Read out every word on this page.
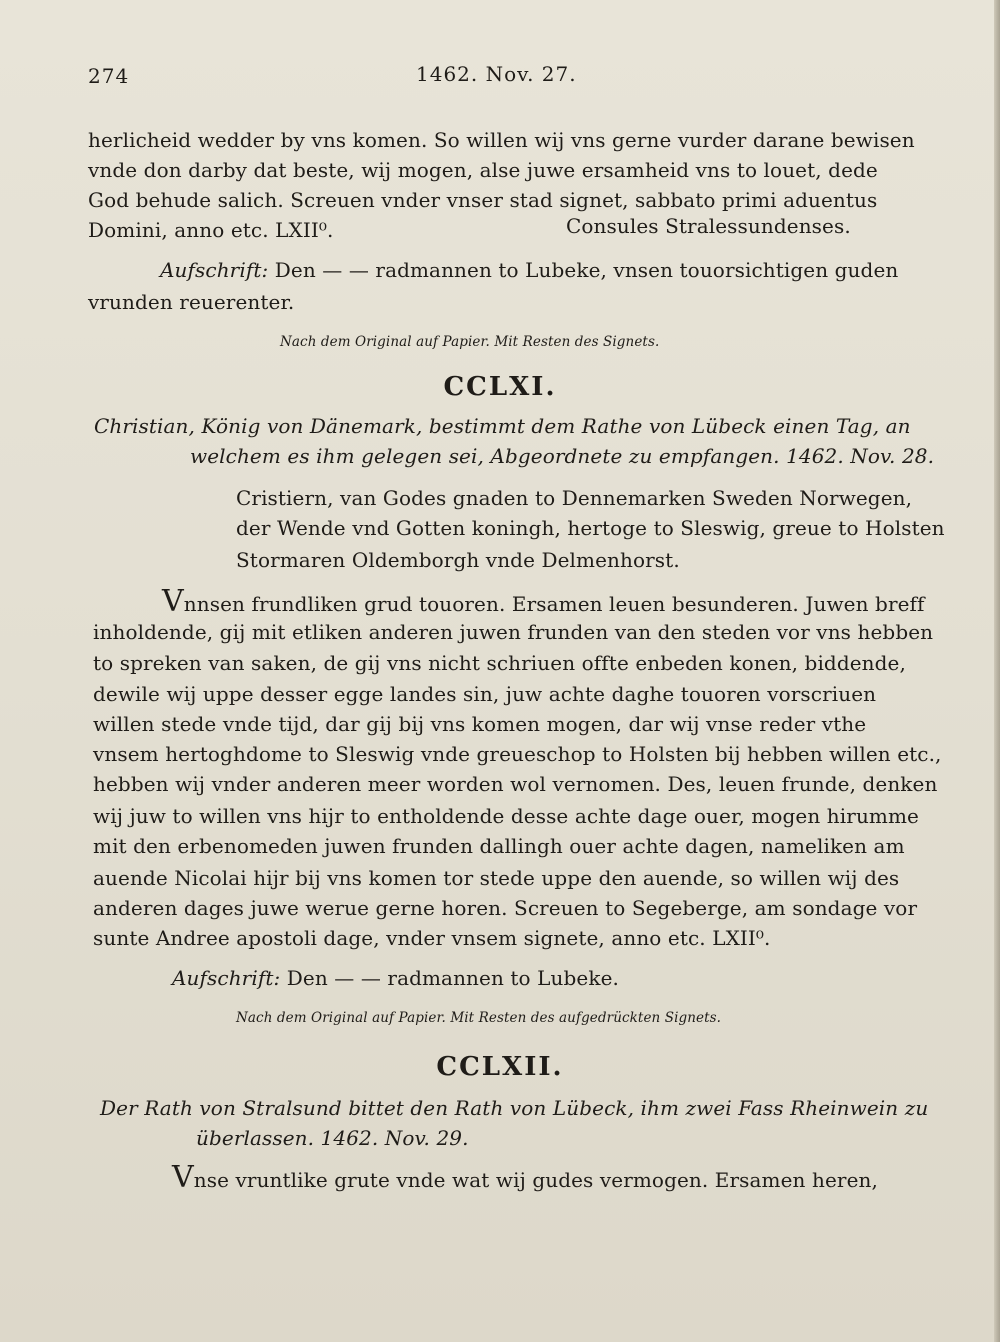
274	1462. Nov. 27.
herlicheid wedder by vns komen. So willen wij vns gerne vurder darane bewisen
vnde don darby dat beste, wij mogen, alse juwe ersamheid vns to louet, dede
God behude salich. Screuen vnder vnser stad signet, sabbato primi aduentus
Domini, anno etc. LXII⁰.	Consules Stralessundenses.
Aufschrift: Den — — radmannen to Lubeke, vnsen touorsichtigen guden
vrunden reuerenter.
Nach dem Original auf Papier. Mit Resten des Signets.
CCLXI.
Christian, König von Dänemark, bestimmt dem Rathe von Lübeck einen Tag, an
welchem es ihm gelegen sei, Abgeordnete zu empfangen. 1462. Nov. 28.
Cristiern, van Godes gnaden to Dennemarken Sweden Norwegen,
der Wende vnd Gotten koningh, hertoge to Sleswig, greue to Holsten
Stormaren Oldemborgh vnde Delmenhorst.
Vnnsen frundliken grud touoren. Ersamen leuen besunderen. Juwen breff
inholdende, gij mit etliken anderen juwen frunden van den steden vor vns hebben
to spreken van saken, de gij vns nicht schriuen offte enbeden konen, biddende,
dewile wij uppe desser egge landes sin, juw achte daghe touoren vorscriuen
willen stede vnde tijd, dar gij bij vns komen mogen, dar wij vnse reder vthe
vnsem hertoghdome to Sleswig vnde greueschop to Holsten bij hebben willen etc.,
hebben wij vnder anderen meer worden wol vernomen. Des, leuen frunde, denken
wij juw to willen vns hijr to entholdende desse achte dage ouer, mogen hirumme
mit den erbenomeden juwen frunden dallingh ouer achte dagen, nameliken am
auende Nicolai hijr bij vns komen tor stede uppe den auende, so willen wij des
anderen dages juwe werue gerne horen. Screuen to Segeberge, am sondage vor
sunte Andree apostoli dage, vnder vnsem signete, anno etc. LXII⁰.
Aufschrift: Den — — radmannen to Lubeke.
Nach dem Original auf Papier. Mit Resten des aufgedrückten Signets.
CCLXII.
Der Rath von Stralsund bittet den Rath von Lübeck, ihm zwei Fass Rheinwein zu
überlassen. 1462. Nov. 29.
Vnse vruntlike grute vnde wat wij gudes vermogen. Ersamen heren,
